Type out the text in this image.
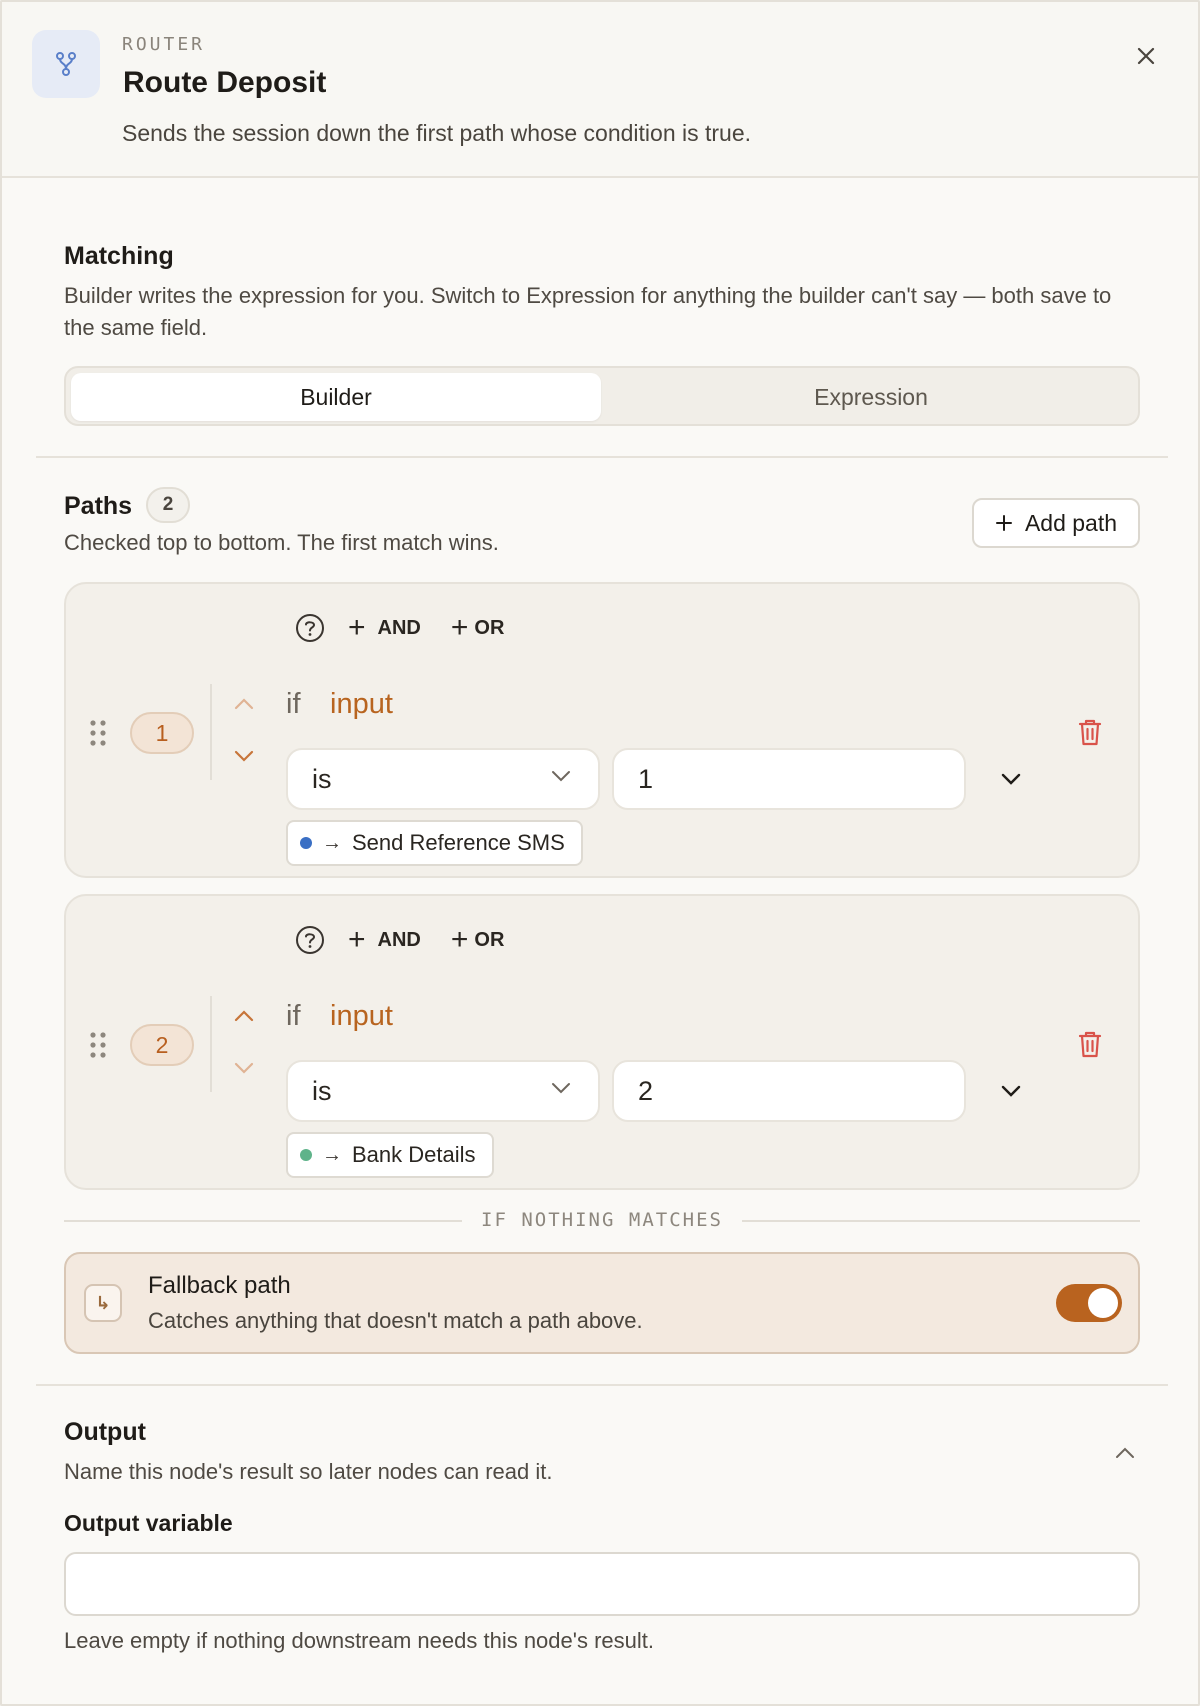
ROUTER
Route Deposit
Sends the session down the first path whose condition is true.
Matching
Builder writes the expression for you. Switch to Expression for anything the builder can't say — both save to the same field.
Builder	Expression
Paths	2
Checked top to bottom. The first match wins.
Add path
+ AND + OR
1
if input
is
1
→ Send Reference SMS
+ AND + OR
2
if input
is
2
→ Bank Details
IF NOTHING MATCHES
↳
Fallback path
Catches anything that doesn't match a path above.
Output
Name this node's result so later nodes can read it.
Output variable
Leave empty if nothing downstream needs this node's result.
